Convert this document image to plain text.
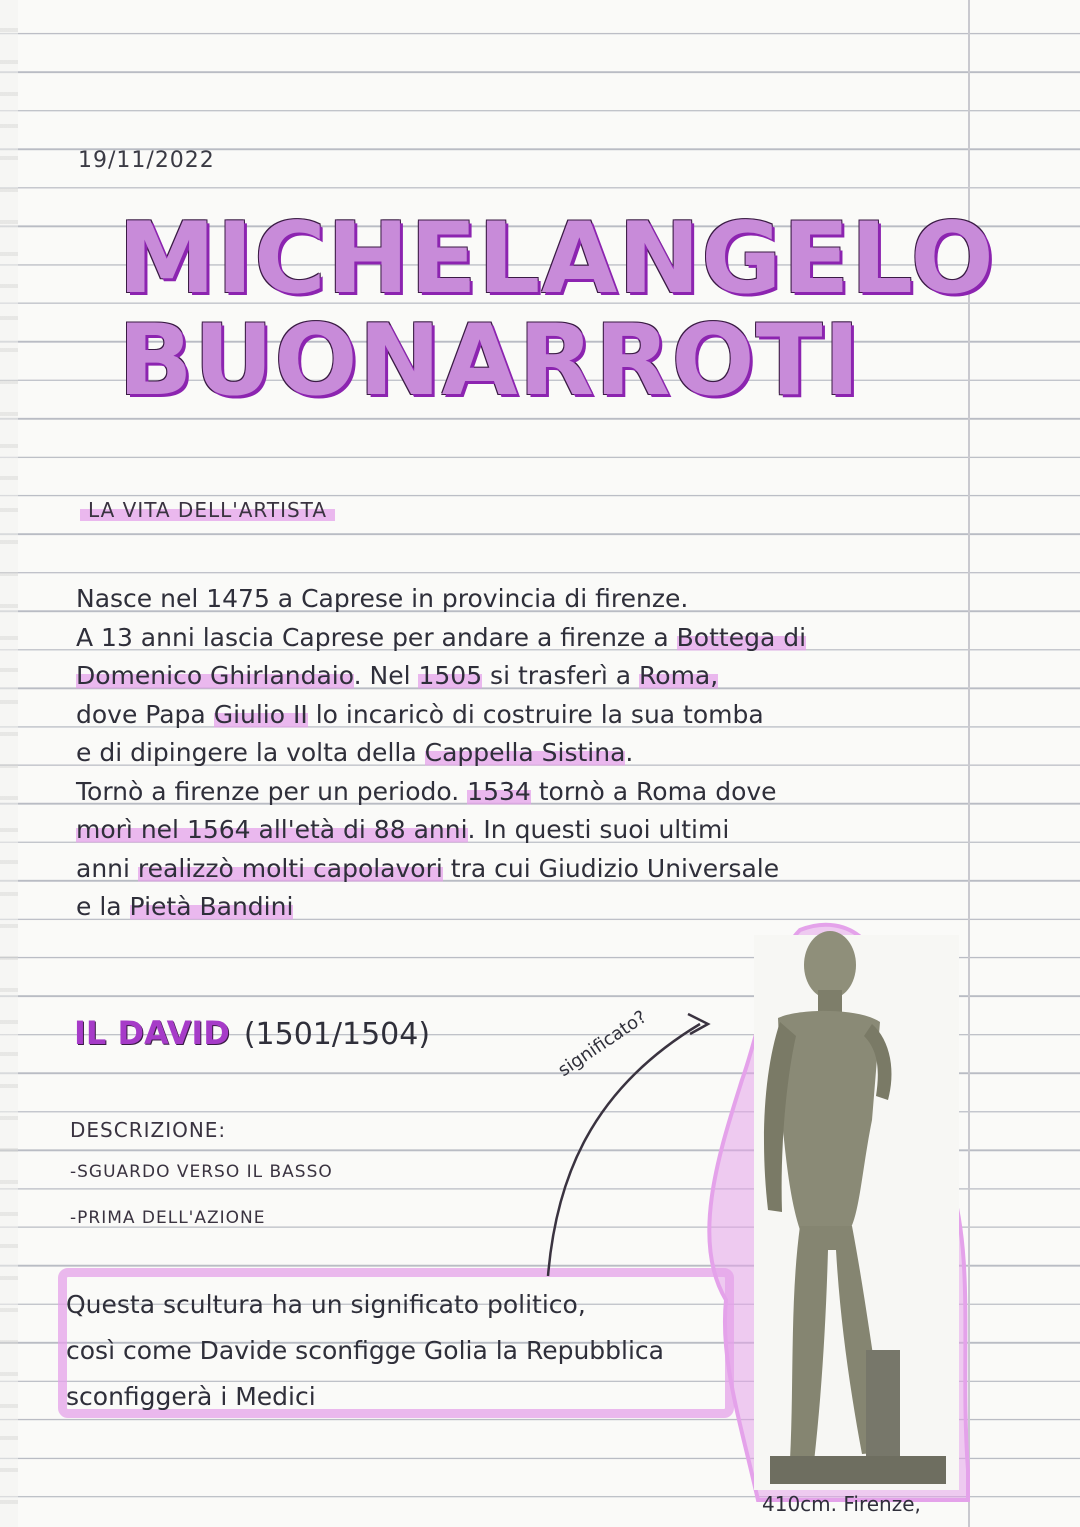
19/11/2022
MICHELANGELO
BUONARROTI
LA VITA DELL'ARTISTA
Nasce nel 1475 a Caprese in provincia di firenze.
A 13 anni lascia Caprese per andare a firenze a Bottega di
Domenico Ghirlandaio. Nel 1505 si trasferì a Roma,
dove Papa Giulio II lo incaricò di costruire la sua tomba
e di dipingere la volta della Cappella Sistina.
Tornò a firenze per un periodo. 1534 tornò a Roma dove
morì nel 1564 all'età di 88 anni. In questi suoi ultimi
anni realizzò molti capolavori tra cui Giudizio Universale
e la Pietà Bandini
IL DAVID (1501/1504)
DESCRIZIONE:
-SGUARDO VERSO IL BASSO
-PRIMA DELL'AZIONE
Questa scultura ha un significato politico,
così come Davide sconfigge Golia la Repubblica
sconfiggerà i Medici
significato?
410cm. Firenze,
